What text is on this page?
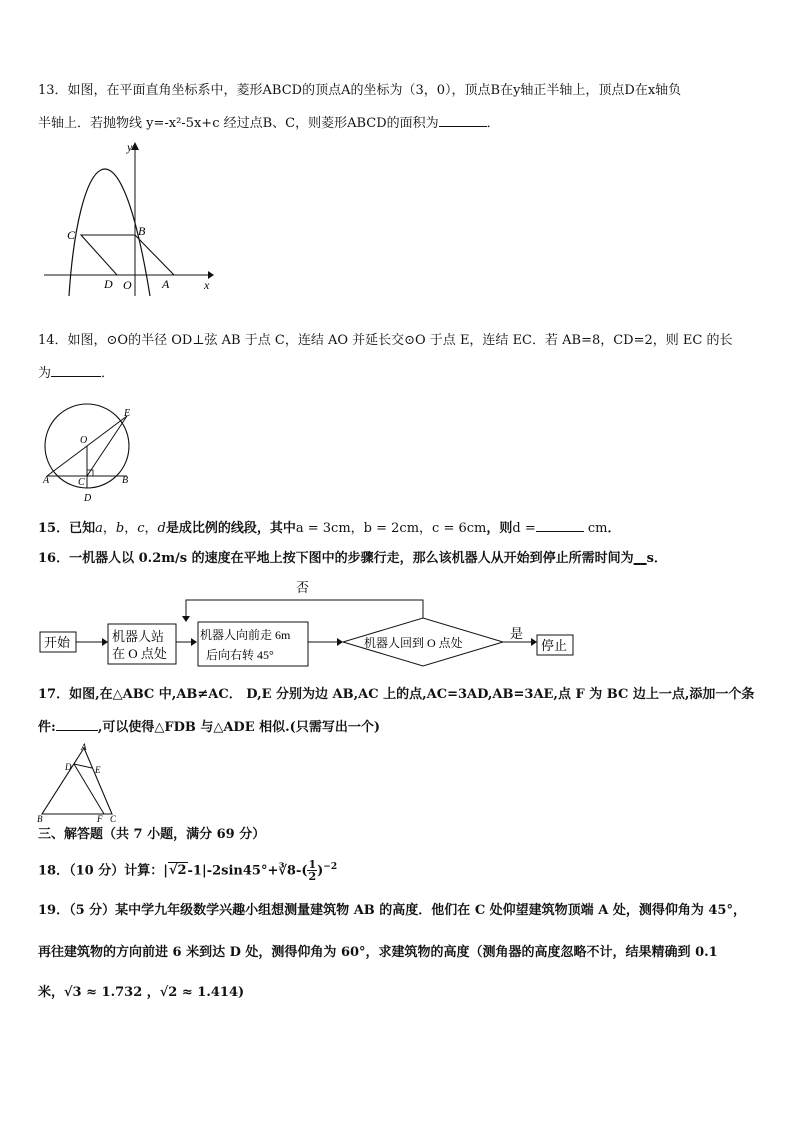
13．如图，在平面直角坐标系中，菱形ABCD的顶点A的坐标为（3，0），顶点B在y轴正半轴上，顶点D在x轴负
半轴上．若抛物线 y=-x²-5x+c 经过点B、C，则菱形ABCD的面积为	．
y
x
C	B
D O	A
14．如图，⊙O的半径 OD⊥弦 AB 于点 C，连结 AO 并延长交⊙O 于点 E，连结 EC．若 AB=8，CD=2，则 EC 的长
为	．
E
O
A	C	B
D
15．已知a，b，c，d是成比例的线段，其中a = 3cm，b = 2cm，c = 6cm，则d =	cm．
16．一机器人以 0.2m/s 的速度在平地上按下图中的步骤行走，那么该机器人从开始到停止所需时间为__s．
开始	机器人站
在 O 点处
机器人向前走 6m
后向右转 45°
机器人回到 O 点处
否
是
停止
17．如图,在△ABC 中,AB≠AC． D,E 分别为边 AB,AC 上的点,AC=3AD,AB=3AE,点 F 为 BC 边上一点,添加一个条
件:	,可以使得△FDB 与△ADE 相似.(只需写出一个)
A
D	E
B	F C
三、解答题（共 7 小题，满分 69 分）
18．（10 分）计算：|√2-1|-2sin45°+∛8-( $\frac{1}{2} )^{-2}$
19．（5 分）某中学九年级数学兴趣小组想测量建筑物 AB 的高度．他们在 C 处仰望建筑物顶端 A 处，测得仰角为 45°，
再往建筑物的方向前进 6 米到达 D 处，测得仰角为 60°，求建筑物的高度（测角器的高度忽略不计，结果精确到 0.1
米，√3 ≈ 1.732 ，√2 ≈ 1.414)
